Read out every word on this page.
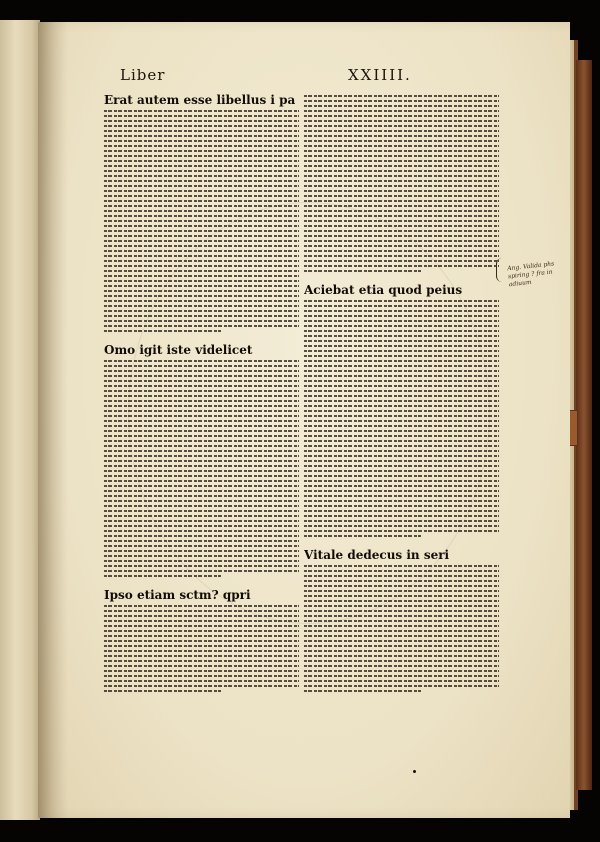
Liber	XXIIII.
Erat autem esse libellus i pa
Omo igit iste videlicet
Ipso etiam sctm? qpri
Aciebat etia quod peius
Vitale dedecus in seri
Ang. Valida phs spiring ? fra in adiuum
